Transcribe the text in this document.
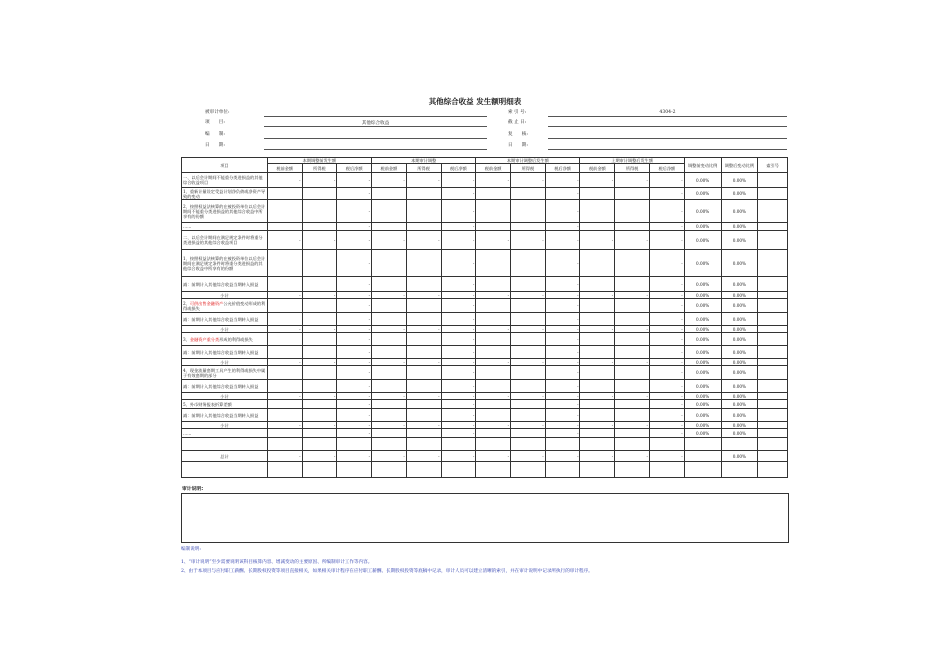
其他综合收益 发生额明细表
被审计单位:
项　　目:	其他综合收益
编　　制:
日　　期:
索 引 号:	4304-2
截 止 日:
复　　核:
日　　期:
项目	本期调整前发生额			本期审计调整			本期审计调整后发生额			上期审计调整后发生额			调整前变动比例	调整后变动比例	索引号
	税前金额	所得税	税后净额	税前金额	所得税	税后净额	税前金额	所得税	税后净额	税前金额	所得税	税后净额			
一、以后会计期间不能重分类进损益的其他综合收益项目	-	-	-	-	-	-	-	-	-	-	-	-	0.00%	0.00%	
1、重新计量设定受益计划净负债或净资产导致的变动			-			-			-			-	0.00%	0.00%	
2、按照权益法核算的在被投资单位以后会计期间不能重分类进损益的其他综合收益中所享有的份额			-			-			-			-	0.00%	0.00%	
……			-			-			-			-	0.00%	0.00%	
二、以后会计期间在满足规定条件时将重分类进损益的其他综合收益项目	-	-	-	-	-	-	-	-	-	-	-	-	0.00%	0.00%	
1、按照权益法核算的在被投资单位以后会计期间在满足规定条件时将重分类进损益的其他综合收益中所享有的份额			-			-			-			-	0.00%	0.00%	
减：前期计入其他综合收益当期转入损益			-			-			-			-	0.00%	0.00%	
小计	-	-	-	-	-	-	-	-	-	-	-	-	0.00%	0.00%	
2、可供出售金融资产公允价值变动形成的利得或损失			-			-			-			-	0.00%	0.00%	
减：前期计入其他综合收益当期转入损益			-			-			-			-	0.00%	0.00%	
小计	-	-	-	-	-	-	-	-	-	-	-	-	0.00%	0.00%	
3、金融资产重分类形成的利得或损失			-			-			-			-	0.00%	0.00%	
减：前期计入其他综合收益当期转入损益			-			-			-			-	0.00%	0.00%	
小计	-	-	-	-	-	-	-	-	-	-	-	-	0.00%	0.00%	
4、现金流量套期工具产生的利得或损失中属于有效套期的部分			-			-			-			-	0.00%	0.00%	
减：前期计入其他综合收益当期转入损益			-			-			-			-	0.00%	0.00%	
小计	-	-	-	-	-	-	-	-	-	-	-	-	0.00%	0.00%	
5、外币财务报表折算差额			-			-			-			-	0.00%	0.00%	
减：前期计入其他综合收益当期转入损益			-			-			-			-	0.00%	0.00%	
小计	-	-	-	-	-	-	-	-	-	-	-	-	0.00%	0.00%	
……			-			-			-			-	0.00%	0.00%	

总计	-	-	-	-	-	-	-	-	-	-	-	-		0.00%	

审计说明:
编制说明:
1、“审计说明”至少需要说明该科目核算内容、增减变动的主要原因、所编制审计工作等内容。
2、由于本项目与应付职工薪酬、长期股权投资等项目直接相关，如果相关审计程序在应付职工薪酬、长期股权投资等底稿中记录，审计人员可以建立清晰的索引，并在审计说明中记录所执行的审计程序。
